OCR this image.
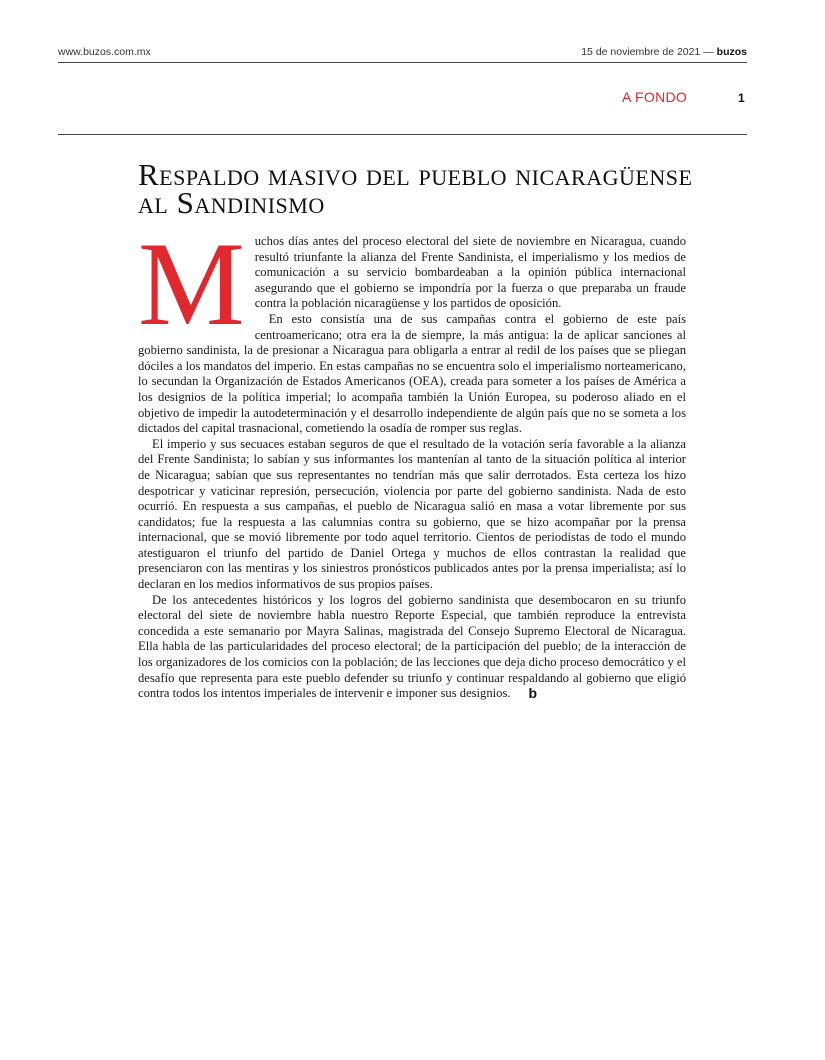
www.buzos.com.mx	15 de noviembre de 2021 — buzos
A FONDO	1
Respaldo masivo del pueblo nicaragüense al Sandinismo

Muchos días antes del proceso electoral del siete de noviembre en Nicaragua, cuando resultó triunfante la alianza del Frente Sandinista, el imperialismo y los medios de comunicación a su servicio bombardeaban a la opinión pública internacional asegurando que el gobierno se impondría por la fuerza o que preparaba un fraude contra la población nicaragüense y los partidos de oposición.

En esto consistía una de sus campañas contra el gobierno de este país centroamericano; otra era la de siempre, la más antigua: la de aplicar sanciones al gobierno sandinista, la de presionar a Nicaragua para obligarla a entrar al redil de los países que se pliegan dóciles a los mandatos del imperio. En estas campañas no se encuentra solo el imperialismo norteamericano, lo secundan la Organización de Estados Americanos (OEA), creada para someter a los países de América a los designios de la política imperial; lo acompaña también la Unión Europea, su poderoso aliado en el objetivo de impedir la autodeterminación y el desarrollo independiente de algún país que no se someta a los dictados del capital trasnacional, cometiendo la osadía de romper sus reglas.

El imperio y sus secuaces estaban seguros de que el resultado de la votación sería favorable a la alianza del Frente Sandinista; lo sabían y sus informantes los mantenían al tanto de la situación política al interior de Nicaragua; sabían que sus representantes no tendrían más que salir derrotados. Esta certeza los hizo despotricar y vaticinar represión, persecución, violencia por parte del gobierno sandinista. Nada de esto ocurrió. En respuesta a sus campañas, el pueblo de Nicaragua salió en masa a votar libremente por sus candidatos; fue la respuesta a las calumnias contra su gobierno, que se hizo acompañar por la prensa internacional, que se movió libremente por todo aquel territorio. Cientos de periodistas de todo el mundo atestiguaron el triunfo del partido de Daniel Ortega y muchos de ellos contrastan la realidad que presenciaron con las mentiras y los siniestros pronósticos publicados antes por la prensa imperialista; así lo declaran en los medios informativos de sus propios países.

De los antecedentes históricos y los logros del gobierno sandinista que desembocaron en su triunfo electoral del siete de noviembre habla nuestro Reporte Especial, que también reproduce la entrevista concedida a este semanario por Mayra Salinas, magistrada del Consejo Supremo Electoral de Nicaragua. Ella habla de las particularidades del proceso electoral; de la participación del pueblo; de la interacción de los organizadores de los comicios con la población; de las lecciones que deja dicho proceso democrático y el desafío que representa para este pueblo defender su triunfo y continuar respaldando al gobierno que eligió contra todos los intentos imperiales de intervenir e imponer sus designios. b
